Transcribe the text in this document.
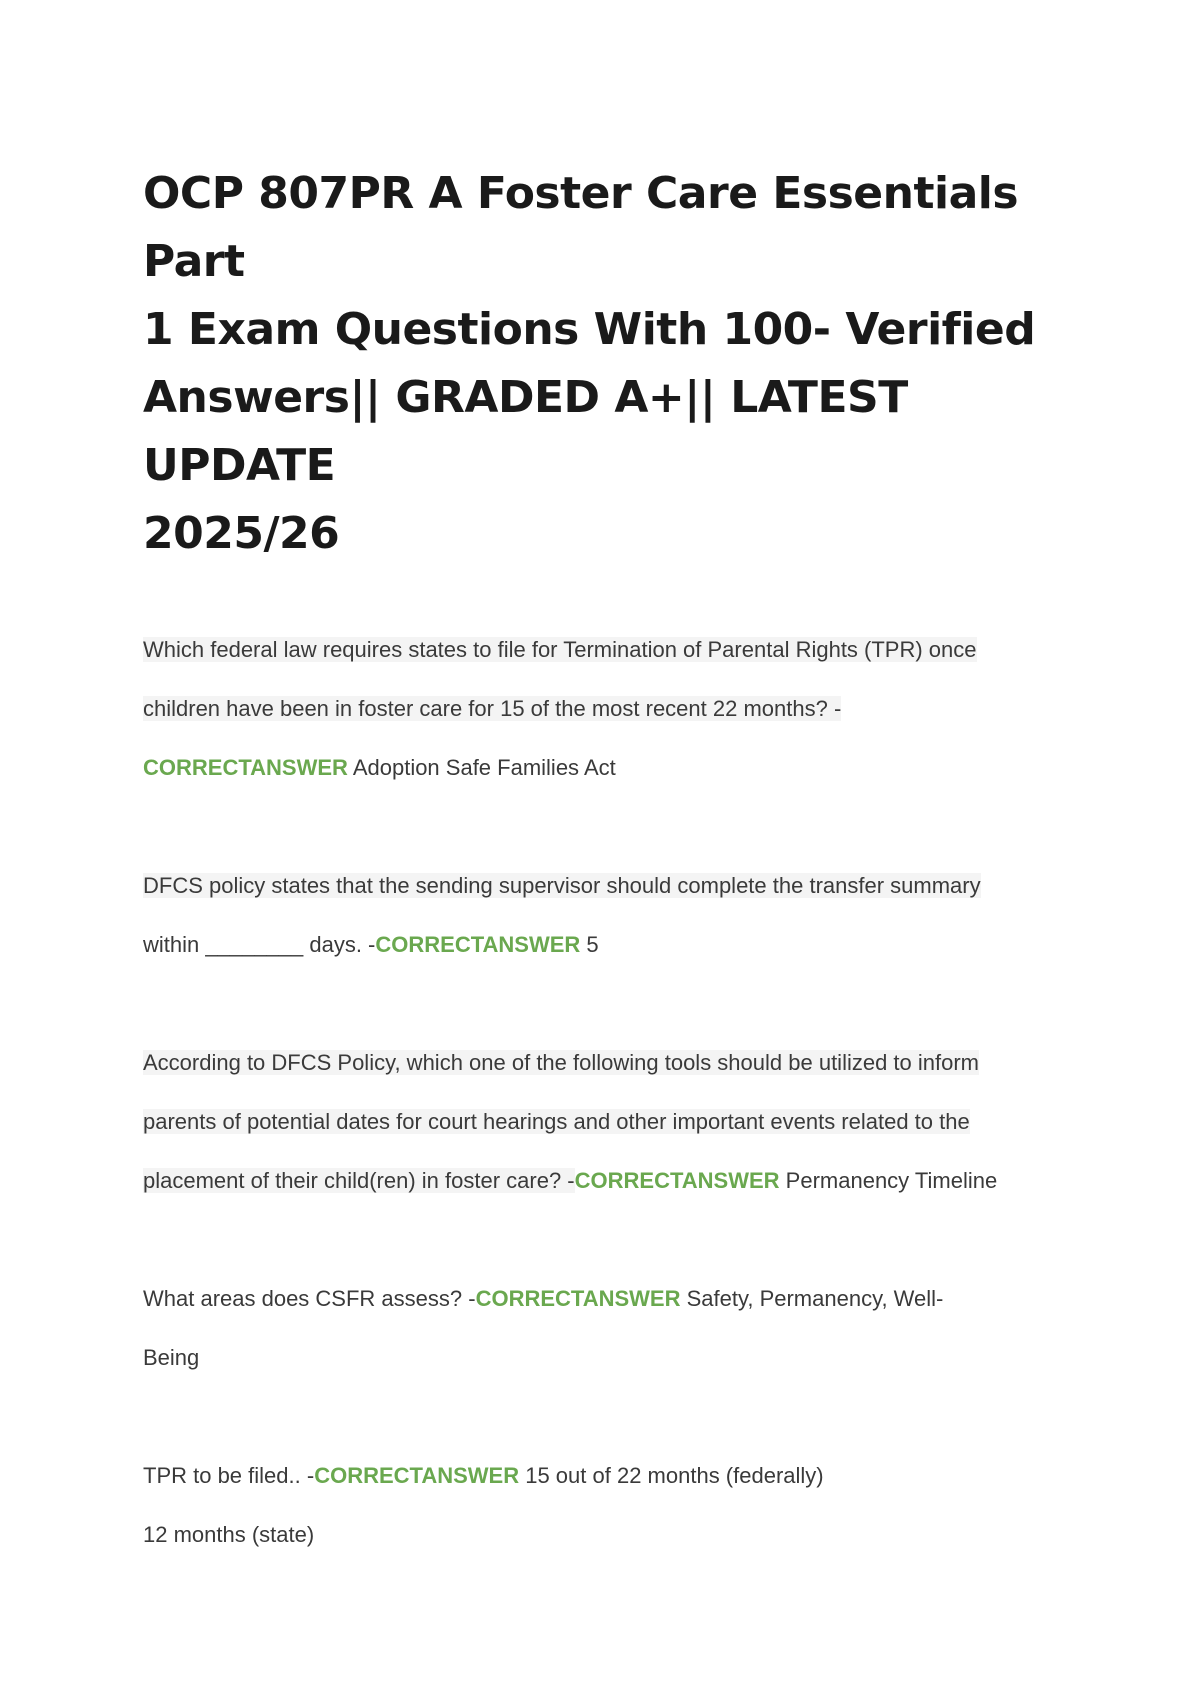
OCP 807PR A Foster Care Essentials Part
1 Exam Questions With 100- Verified
Answers|| GRADED A+|| LATEST UPDATE
2025/26

Which federal law requires states to file for Termination of Parental Rights (TPR) once
children have been in foster care for 15 of the most recent 22 months? -
CORRECTANSWER Adoption Safe Families Act

DFCS policy states that the sending supervisor should complete the transfer summary
within ________ days. -CORRECTANSWER 5

According to DFCS Policy, which one of the following tools should be utilized to inform
parents of potential dates for court hearings and other important events related to the
placement of their child(ren) in foster care? -CORRECTANSWER Permanency Timeline

What areas does CSFR assess? -CORRECTANSWER Safety, Permanency, Well-
Being

TPR to be filed.. -CORRECTANSWER 15 out of 22 months (federally)
12 months (state)
